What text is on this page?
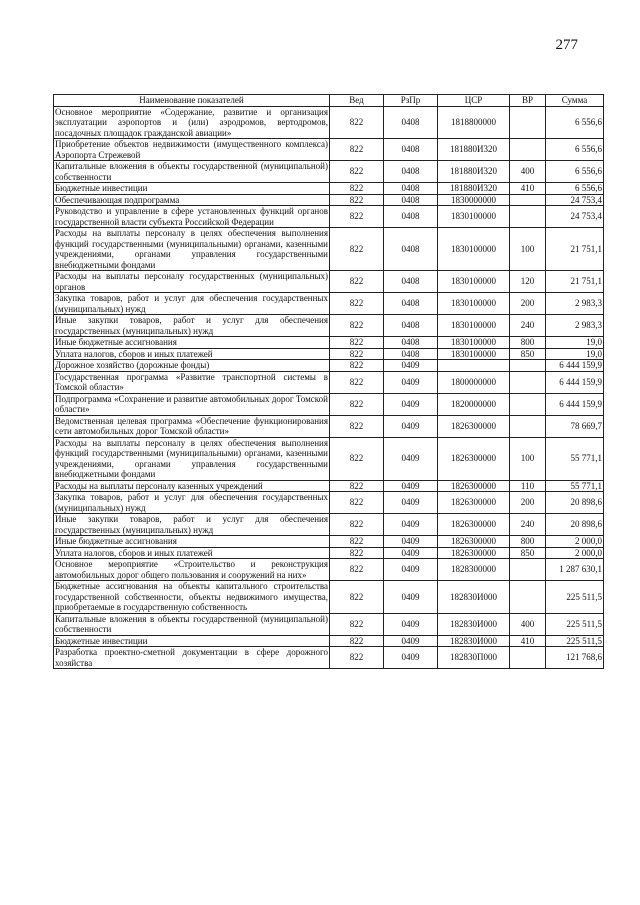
277
Наименование показателей	Вед	РзПр	ЦСР	ВР	Сумма
Основное мероприятие «Содержание, развитие и организация эксплуатации аэропортов и (или) аэродромов, вертодромов, посадочных площадок гражданской авиации»	822	0408	1818800000		6 556,6
Приобретение объектов недвижимости (имущественного комплекса) Аэропорта Стрежевой	822	0408	181880И320		6 556,6
Капитальные вложения в объекты государственной (муниципальной) собственности	822	0408	181880И320	400	6 556,6
Бюджетные инвестиции	822	0408	181880И320	410	6 556,6
Обеспечивающая подпрограмма	822	0408	1830000000		24 753,4
Руководство и управление в сфере установленных функций органов государственной власти субъекта Российской Федерации	822	0408	1830100000		24 753,4
Расходы на выплаты персоналу в целях обеспечения выполнения функций государственными (муниципальными) органами, казенными учреждениями, органами управления государственными внебюджетными фондами	822	0408	1830100000	100	21 751,1
Расходы на выплаты персоналу государственных (муниципальных) органов	822	0408	1830100000	120	21 751,1
Закупка товаров, работ и услуг для обеспечения государственных (муниципальных) нужд	822	0408	1830100000	200	2 983,3
Иные закупки товаров, работ и услуг для обеспечения государственных (муниципальных) нужд	822	0408	1830100000	240	2 983,3
Иные бюджетные ассигнования	822	0408	1830100000	800	19,0
Уплата налогов, сборов и иных платежей	822	0408	1830100000	850	19,0
Дорожное хозяйство (дорожные фонды)	822	0409			6 444 159,9
Государственная программа «Развитие транспортной системы в Томской области»	822	0409	1800000000		6 444 159,9
Подпрограмма «Сохранение и развитие автомобильных дорог Томской области»	822	0409	1820000000		6 444 159,9
Ведомственная целевая программа «Обеспечение функционирования сети автомобильных дорог Томской области»	822	0409	1826300000		78 669,7
Расходы на выплаты персоналу в целях обеспечения выполнения функций государственными (муниципальными) органами, казенными учреждениями, органами управления государственными внебюджетными фондами	822	0409	1826300000	100	55 771,1
Расходы на выплаты персоналу казенных учреждений	822	0409	1826300000	110	55 771,1
Закупка товаров, работ и услуг для обеспечения государственных (муниципальных) нужд	822	0409	1826300000	200	20 898,6
Иные закупки товаров, работ и услуг для обеспечения государственных (муниципальных) нужд	822	0409	1826300000	240	20 898,6
Иные бюджетные ассигнования	822	0409	1826300000	800	2 000,0
Уплата налогов, сборов и иных платежей	822	0409	1826300000	850	2 000,0
Основное мероприятие «Строительство и реконструкция автомобильных дорог общего пользования и сооружений на них»	822	0409	1828300000		1 287 630,1
Бюджетные ассигнования на объекты капитального строительства государственной собственности, объекты недвижимого имущества, приобретаемые в государственную собственность	822	0409	182830И000		225 511,5
Капитальные вложения в объекты государственной (муниципальной) собственности	822	0409	182830И000	400	225 511,5
Бюджетные инвестиции	822	0409	182830И000	410	225 511,5
Разработка проектно-сметной документации в сфере дорожного хозяйства	822	0409	182830П000		121 768,6
